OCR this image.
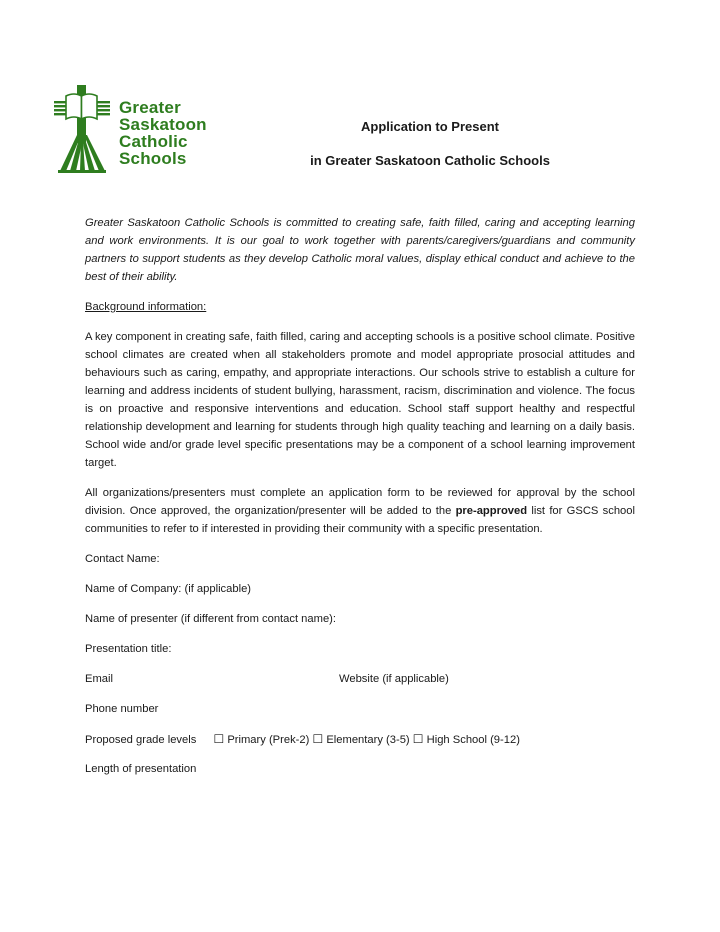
Greater
Saskatoon
Catholic
Schools
Application to Present
in Greater Saskatoon Catholic Schools

Greater Saskatoon Catholic Schools is committed to creating safe, faith filled, caring and accepting learning and work environments. It is our goal to work together with parents/caregivers/guardians and community partners to support students as they develop Catholic moral values, display ethical conduct and achieve to the best of their ability.

Background information:

A key component in creating safe, faith filled, caring and accepting schools is a positive school climate. Positive school climates are created when all stakeholders promote and model appropriate prosocial attitudes and behaviours such as caring, empathy, and appropriate interactions. Our schools strive to establish a culture for learning and address incidents of student bullying, harassment, racism, discrimination and violence. The focus is on proactive and responsive interventions and education. School staff support healthy and respectful relationship development and learning for students through high quality teaching and learning on a daily basis. School wide and/or grade level specific presentations may be a component of a school learning improvement target.

All organizations/presenters must complete an application form to be reviewed for approval by the school division. Once approved, the organization/presenter will be added to the pre-approved list for GSCS school communities to refer to if interested in providing their community with a specific presentation.

Contact Name:
Name of Company: (if applicable)
Name of presenter (if different from contact name):
Presentation title:
Email	Website (if applicable)
Phone number
Proposed grade levels ☐ Primary (Prek-2) ☐ Elementary (3-5) ☐ High School (9-12)
Length of presentation
